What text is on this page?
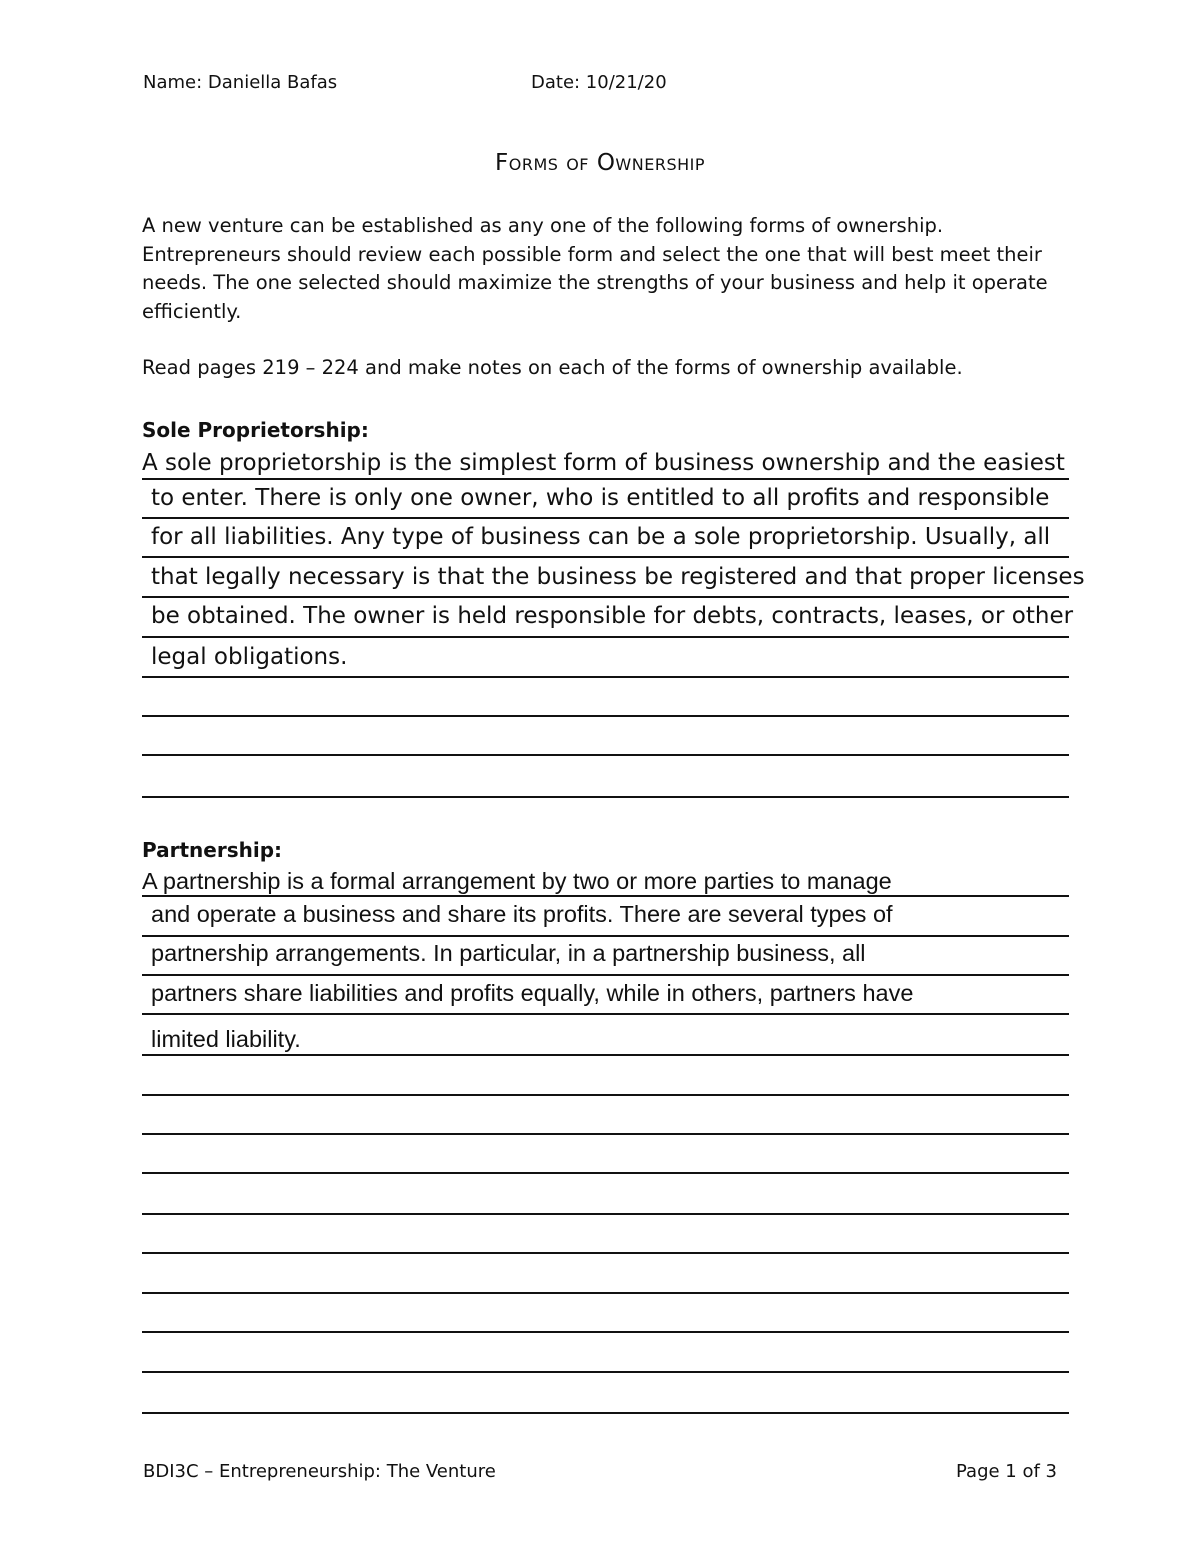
Name: Daniella Bafas	Date: 10/21/20
Forms of Ownership
A new venture can be established as any one of the following forms of ownership.
Entrepreneurs should review each possible form and select the one that will best meet their
needs. The one selected should maximize the strengths of your business and help it operate
efficiently.
Read pages 219 – 224 and make notes on each of the forms of ownership available.
Sole Proprietorship:
A sole proprietorship is the simplest form of business ownership and the easiest
to enter. There is only one owner, who is entitled to all profits and responsible
for all liabilities. Any type of business can be a sole proprietorship. Usually, all
that legally necessary is that the business be registered and that proper licenses
be obtained. The owner is held responsible for debts, contracts, leases, or other
legal obligations.
Partnership:
A partnership is a formal arrangement by two or more parties to manage
and operate a business and share its profits. There are several types of
partnership arrangements. In particular, in a partnership business, all
partners share liabilities and profits equally, while in others, partners have
limited liability.
BDI3C – Entrepreneurship: The Venture	Page 1 of 3
